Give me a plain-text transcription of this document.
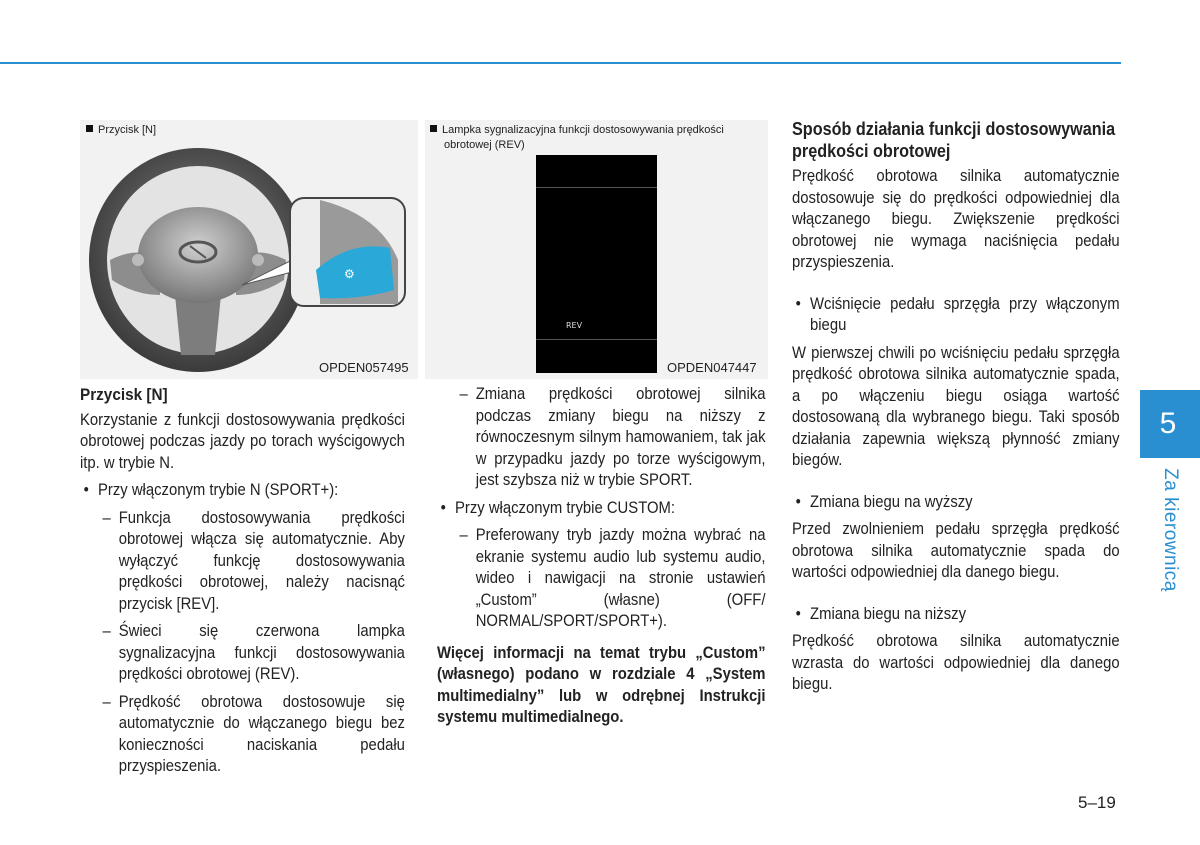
Przycisk [N]
⚙
OPDEN057495
Lampka sygnalizacyjna funkcji dostosowywania prędkości
obrotowej (REV)
REV
OPDEN047447

Przycisk [N]

Korzystanie z funkcji dostosowywania prędkości obrotowej podczas jazdy po torach wyścigowych itp. w trybie N.

• Przy włączonym trybie N (SPORT+):

– Funkcja dostosowywania prędkości obrotowej włącza się automatycznie. Aby wyłączyć funkcję dostosowywania prędkości obrotowej, należy nacisnąć przycisk [REV].

– Świeci się czerwona lampka sygnalizacyjna funkcji dostosowywania prędkości obrotowej (REV).

– Prędkość obrotowa dostosowuje się automatycznie do włączanego biegu bez konieczności naciskania pedału przyspieszenia.

– Zmiana prędkości obrotowej silnika podczas zmiany biegu na niższy z równoczesnym silnym hamowaniem, tak jak w przypadku jazdy po torze wyścigowym, jest szybsza niż w trybie SPORT.

• Przy włączonym trybie CUSTOM:

– Preferowany tryb jazdy można wybrać na ekranie systemu audio lub systemu audio, wideo i nawigacji na stronie ustawień „Custom” (własne) (OFF/ NORMAL/SPORT/SPORT+).

Więcej informacji na temat trybu „Custom” (własnego) podano w rozdziale 4 „System multimedialny” lub w odrębnej Instrukcji systemu multimedialnego.

Sposób działania funkcji dostosowywania prędkości obrotowej

Prędkość obrotowa silnika automatycznie dostosowuje się do prędkości odpowiedniej dla włączanego biegu. Zwiększenie prędkości obrotowej nie wymaga naciśnięcia pedału przyspieszenia.

• Wciśnięcie pedału sprzęgła przy włączonym biegu

W pierwszej chwili po wciśnięciu pedału sprzęgła prędkość obrotowa silnika automatycznie spada, a po włączeniu biegu osiąga wartość dostosowaną dla wybranego biegu. Taki sposób działania zapewnia większą płynność zmiany biegów.

• Zmiana biegu na wyższy

Przed zwolnieniem pedału sprzęgła prędkość obrotowa silnika automatycznie spada do wartości odpowiedniej dla danego biegu.

• Zmiana biegu na niższy

Prędkość obrotowa silnika automatycznie wzrasta do wartości odpowiedniej dla danego biegu.

5
Za kierownicą
5–19
